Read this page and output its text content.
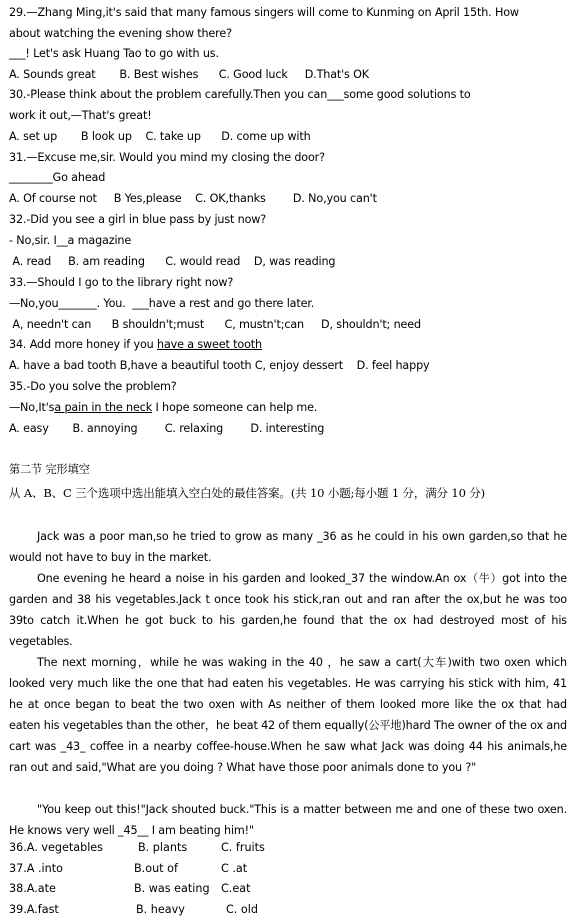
29.—Zhang Ming,it's said that many famous singers will come to Kunming on April 15th. How
about watching the evening show there?
___! Let's ask Huang Tao to go with us.
A. Sounds great       B. Best wishes      C. Good luck     D.That's OK
30.-Please think about the problem carefully.Then you can___some good solutions to
work it out,—That's great!
A. set up       B look up    C. take up      D. come up with
31.—Excuse me,sir. Would you mind my closing the door?
________Go ahead
A. Of course not     B Yes,please    C. OK,thanks        D. No,you can't
32.-Did you see a girl in blue pass by just now?
- No,sir. I__a magazine
A. read     B. am reading      C. would read    D, was reading
33.—Should I go to the library right now?
—No,you_______. You.  ___have a rest and go there later.
A, needn't can      B shouldn't;must      C, mustn't;can     D, shouldn't; need
34. Add more honey if you have a sweet tooth
A. have a bad tooth B,have a beautiful tooth C, enjoy dessert    D. feel happy
35.-Do you solve the problem?
—No,It'sa pain in the neck I hope someone can help me.
A. easy       B. annoying        C. relaxing        D. interesting
第二节 完形填空
从 A、B、C 三个选项中选出能填入空白处的最佳答案。(共 10 小题;每小题 1 分，满分 10 分)
Jack was a poor man,so he tried to grow as many _36 as he could in his own garden,so that he would not have to buy in the market.
One evening he heard a noise in his garden and looked_37 the window.An ox（牛）got into the garden and 38 his vegetables.Jack t once took his stick,ran out and ran after the ox,but he was too 39to catch it.When he got buck to his garden,he found that the ox had destroyed most of his vegetables.
The next morning，while he was waking in the 40 ，he saw a cart(大车)with two oxen which looked very much like the one that had eaten his vegetables. He was carrying his stick with him, 41 he at once began to beat the two oxen with As neither of them looked more like the ox that had eaten his vegetables than the other，he beat 42 of them equally(公平地)hard The owner of the ox and cart was _43_ coffee in a nearby coffee-house.When he saw what Jack was doing 44 his animals,he ran out and said,"What are you doing ? What have those poor animals done to you ?"
"You keep out this!"Jack shouted buck."This is a matter between me and one of these two oxen. He knows very well _45__ I am beating him!"
36.A. vegetables	B. plants	C. fruits
37.A .into	B.out of	C .at
38.A.ate	B. was eating C.eat
39.A.fast	B. heavy	C. old
